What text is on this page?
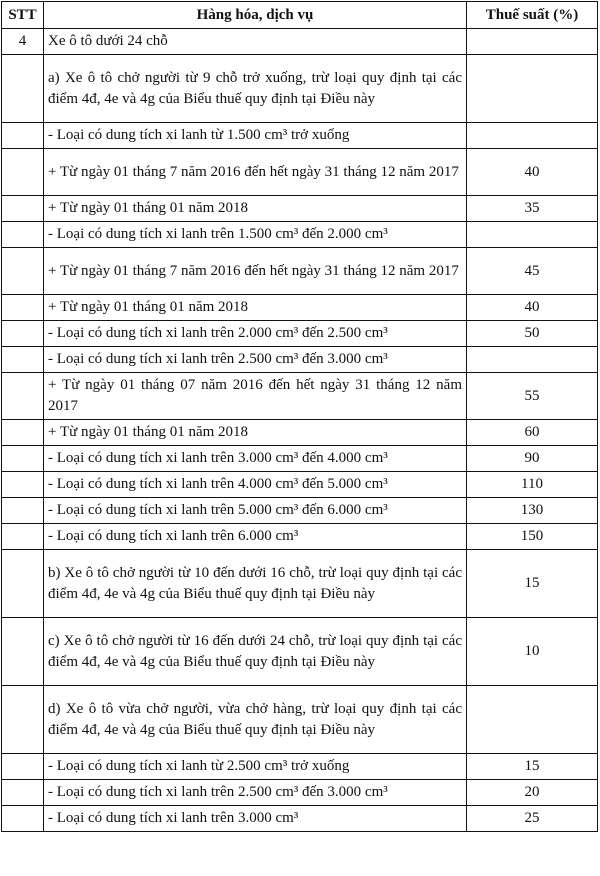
STT	Hàng hóa, dịch vụ	Thuế suất (%)
4	Xe ô tô dưới 24 chỗ	
	a) Xe ô tô chở người từ 9 chỗ trở xuống, trừ loại quy định tại các điểm 4đ, 4e và 4g của Biểu thuế quy định tại Điều này	
	- Loại có dung tích xi lanh từ 1.500 cm³ trở xuống	
	+ Từ ngày 01 tháng 7 năm 2016 đến hết ngày 31 tháng 12 năm 2017	40
	+ Từ ngày 01 tháng 01 năm 2018	35
	- Loại có dung tích xi lanh trên 1.500 cm³ đến 2.000 cm³	
	+ Từ ngày 01 tháng 7 năm 2016 đến hết ngày 31 tháng 12 năm 2017	45
	+ Từ ngày 01 tháng 01 năm 2018	40
	- Loại có dung tích xi lanh trên 2.000 cm³ đến 2.500 cm³	50
	- Loại có dung tích xi lanh trên 2.500 cm³ đến 3.000 cm³	
	+ Từ ngày 01 tháng 07 năm 2016 đến hết ngày 31 tháng 12 năm 2017	55
	+ Từ ngày 01 tháng 01 năm 2018	60
	- Loại có dung tích xi lanh trên 3.000 cm³ đến 4.000 cm³	90
	- Loại có dung tích xi lanh trên 4.000 cm³ đến 5.000 cm³	110
	- Loại có dung tích xi lanh trên 5.000 cm³ đến 6.000 cm³	130
	- Loại có dung tích xi lanh trên 6.000 cm³	150
	b) Xe ô tô chở người từ 10 đến dưới 16 chỗ, trừ loại quy định tại các điểm 4đ, 4e và 4g của Biểu thuế quy định tại Điều này	15
	c) Xe ô tô chở người từ 16 đến dưới 24 chỗ, trừ loại quy định tại các điểm 4đ, 4e và 4g của Biểu thuế quy định tại Điều này	10
	d) Xe ô tô vừa chở người, vừa chở hàng, trừ loại quy định tại các điểm 4đ, 4e và 4g của Biểu thuế quy định tại Điều này	
	- Loại có dung tích xi lanh từ 2.500 cm³ trở xuống	15
	- Loại có dung tích xi lanh trên 2.500 cm³ đến 3.000 cm³	20
	- Loại có dung tích xi lanh trên 3.000 cm³	25
